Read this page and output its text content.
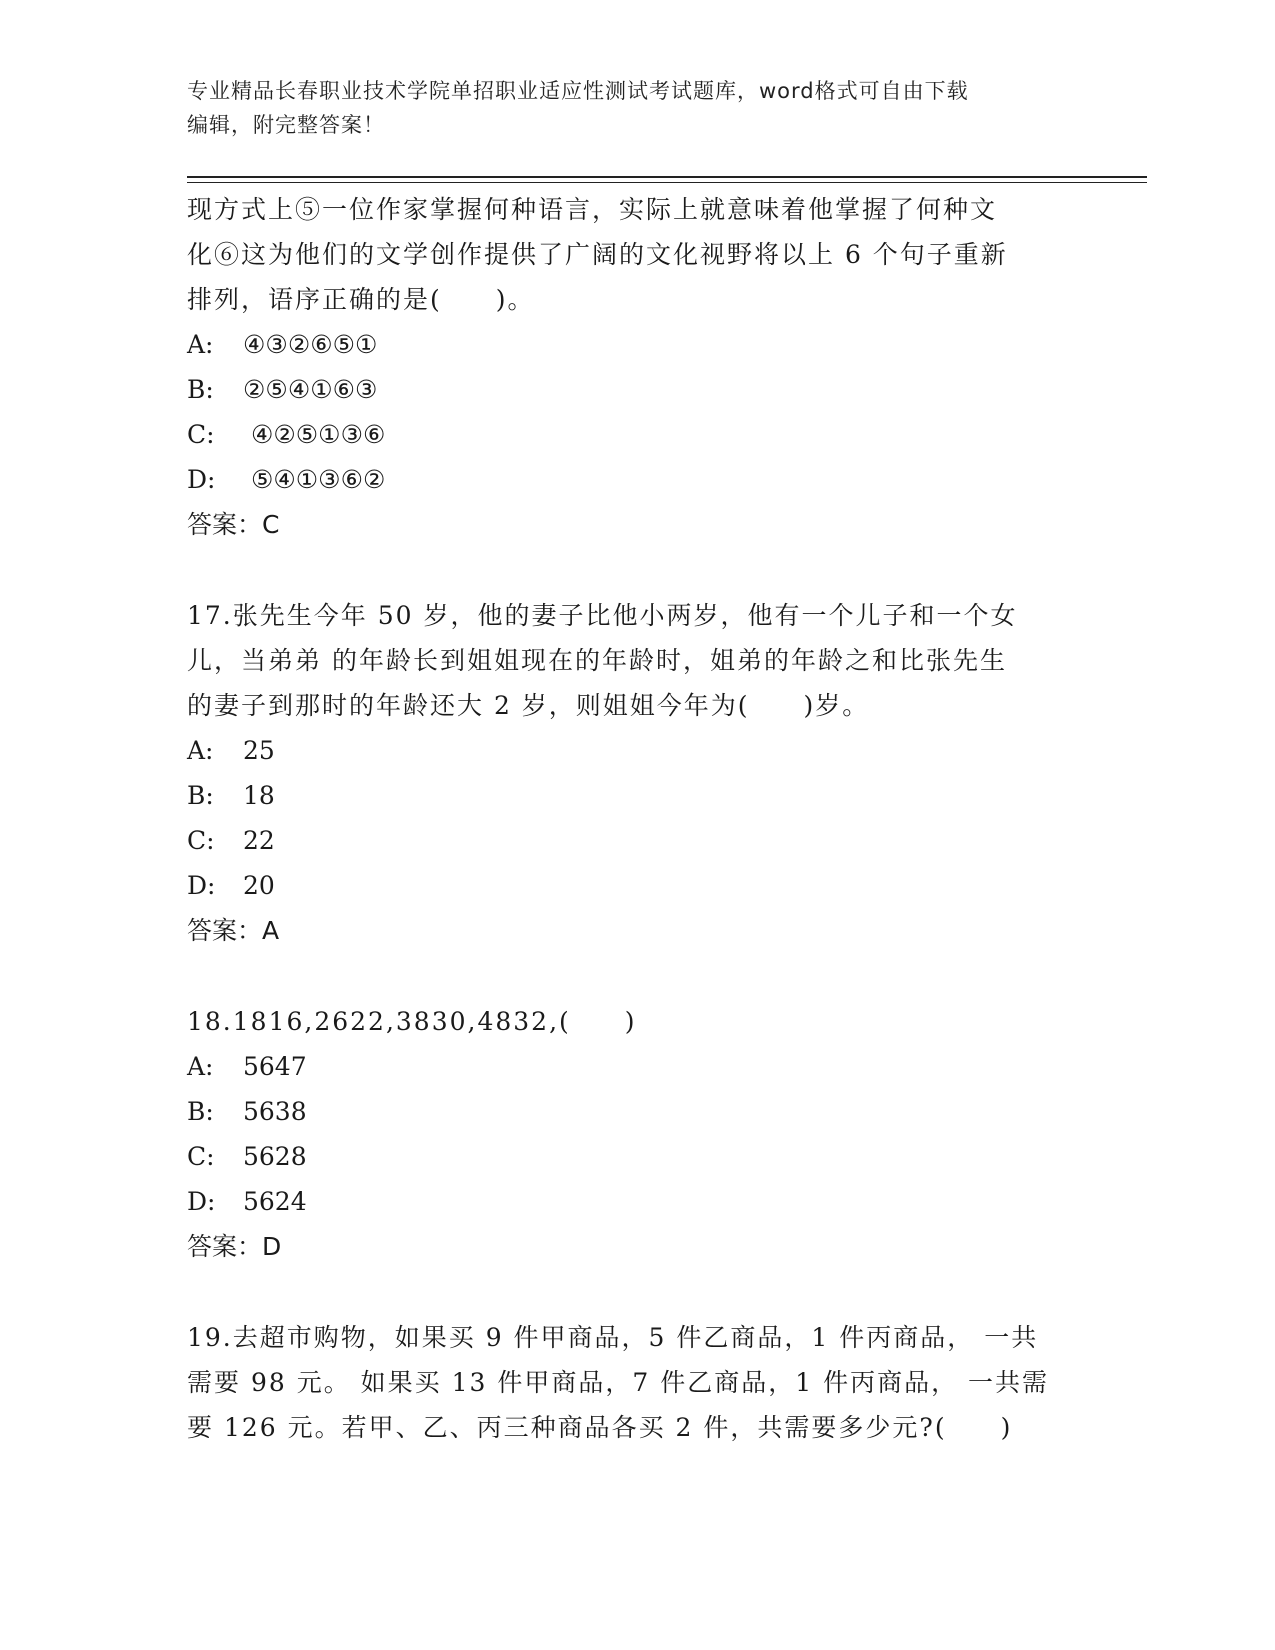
专业精品长春职业技术学院单招职业适应性测试考试题库，word格式可自由下载
编辑，附完整答案！

现方式上⑤一位作家掌握何种语言，实际上就意味着他掌握了何种文

化⑥这为他们的文学创作提供了广阔的文化视野将以上 6 个句子重新

排列，语序正确的是(　　)。

A:	④③②⑥⑤①
B:	②⑤④①⑥③
C:	④②⑤①③⑥
D:	⑤④①③⑥②

答案：C

17.张先生今年 50 岁，他的妻子比他小两岁，他有一个儿子和一个女

儿，当弟弟 的年龄长到姐姐现在的年龄时，姐弟的年龄之和比张先生

的妻子到那时的年龄还大 2 岁，则姐姐今年为(　　)岁。

A:	25
B:	18
C:	22
D:	20

答案：A

18.1816,2622,3830,4832,(　　)

A:	5647
B:	5638
C:	5628
D:	5624

答案：D

19.去超市购物，如果买 9 件甲商品，5 件乙商品，1 件丙商品， 一共

需要 98 元。 如果买 13 件甲商品，7 件乙商品，1 件丙商品， 一共需

要 126 元。若甲、乙、丙三种商品各买 2 件，共需要多少元?(　　)
